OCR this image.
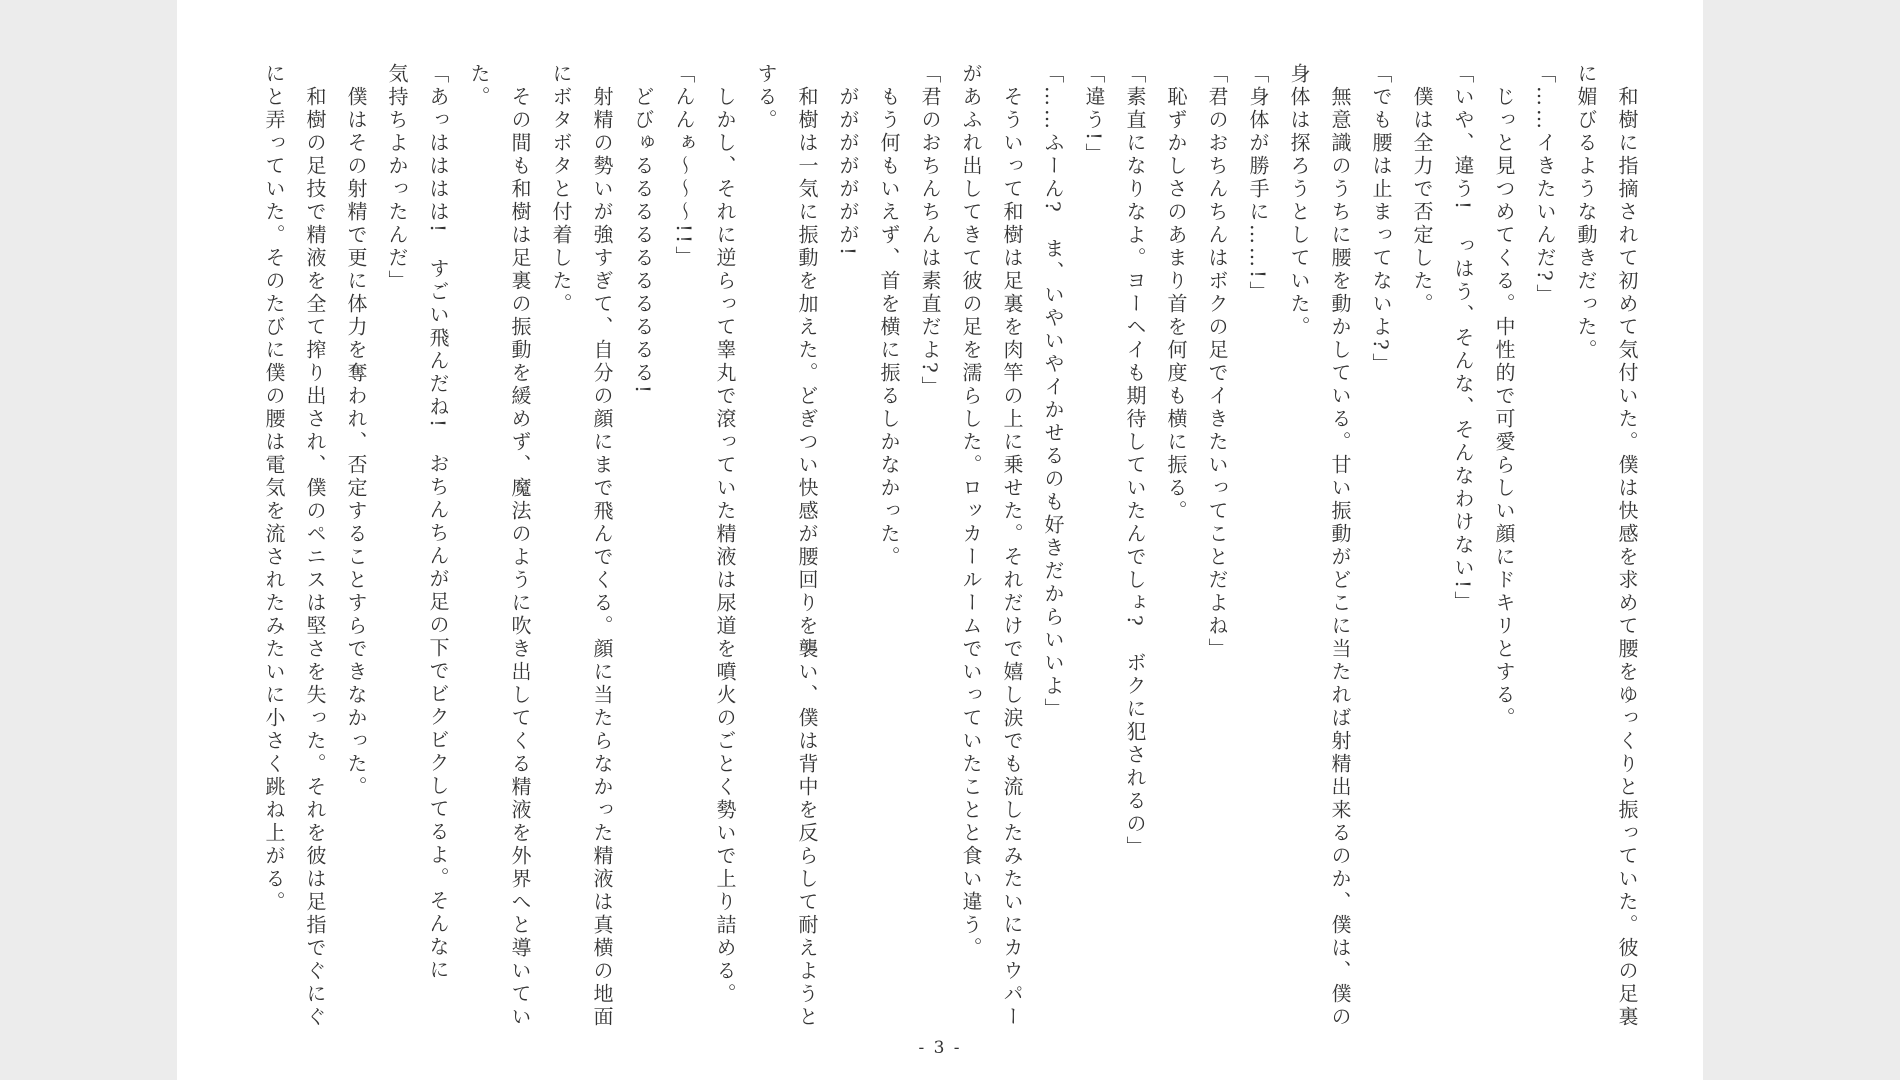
　和樹に指摘されて初めて気付いた。僕は快感を求めて腰をゆっくりと振っていた。彼の足裏

に媚びるような動きだった。

「……イきたいんだ?」

　じっと見つめてくる。中性的で可愛らしい顔にドキリとする。

「いや、違う!　っはう、そんな、そんなわけない!」

　僕は全力で否定した。

「でも腰は止まってないよ?」

　無意識のうちに腰を動かしている。甘い振動がどこに当たれば射精出来るのか、僕は、僕の

身体は探ろうとしていた。

「身体が勝手に……!」

「君のおちんちんはボクの足でイきたいってことだよね」

　恥ずかしさのあまり首を何度も横に振る。

「素直になりなよ。ヨーヘイも期待していたんでしょ?　ボクに犯されるの」

「違う!」

「……ふーん?　ま、いやいやイかせるのも好きだからいいよ」

　そういって和樹は足裏を肉竿の上に乗せた。それだけで嬉し涙でも流したみたいにカウパー

があふれ出してきて彼の足を濡らした。ロッカールームでいっていたことと食い違う。

「君のおちんちんは素直だよ?」

　もう何もいえず、首を横に振るしかなかった。

　ががががががが!

　和樹は一気に振動を加えた。どぎつい快感が腰回りを襲い、僕は背中を反らして耐えようと

する。

　しかし、それに逆らって睾丸で滾っていた精液は尿道を噴火のごとく勢いで上り詰める。

「んんぁ〜〜〜!!」

　どびゅるるるるるるるるるる!

　射精の勢いが強すぎて、自分の顔にまで飛んでくる。顔に当たらなかった精液は真横の地面

にボタボタと付着した。

　その間も和樹は足裏の振動を緩めず、魔法のように吹き出してくる精液を外界へと導いてい

た。

「あっはははは!　すごい飛んだね!　おちんちんが足の下でビクビクしてるよ。そんなに

気持ちよかったんだ」

　僕はその射精で更に体力を奪われ、否定することすらできなかった。

　和樹の足技で精液を全て搾り出され、僕のペニスは堅さを失った。それを彼は足指でぐにぐ

にと弄っていた。そのたびに僕の腰は電気を流されたみたいに小さく跳ね上がる。

- 3 -
